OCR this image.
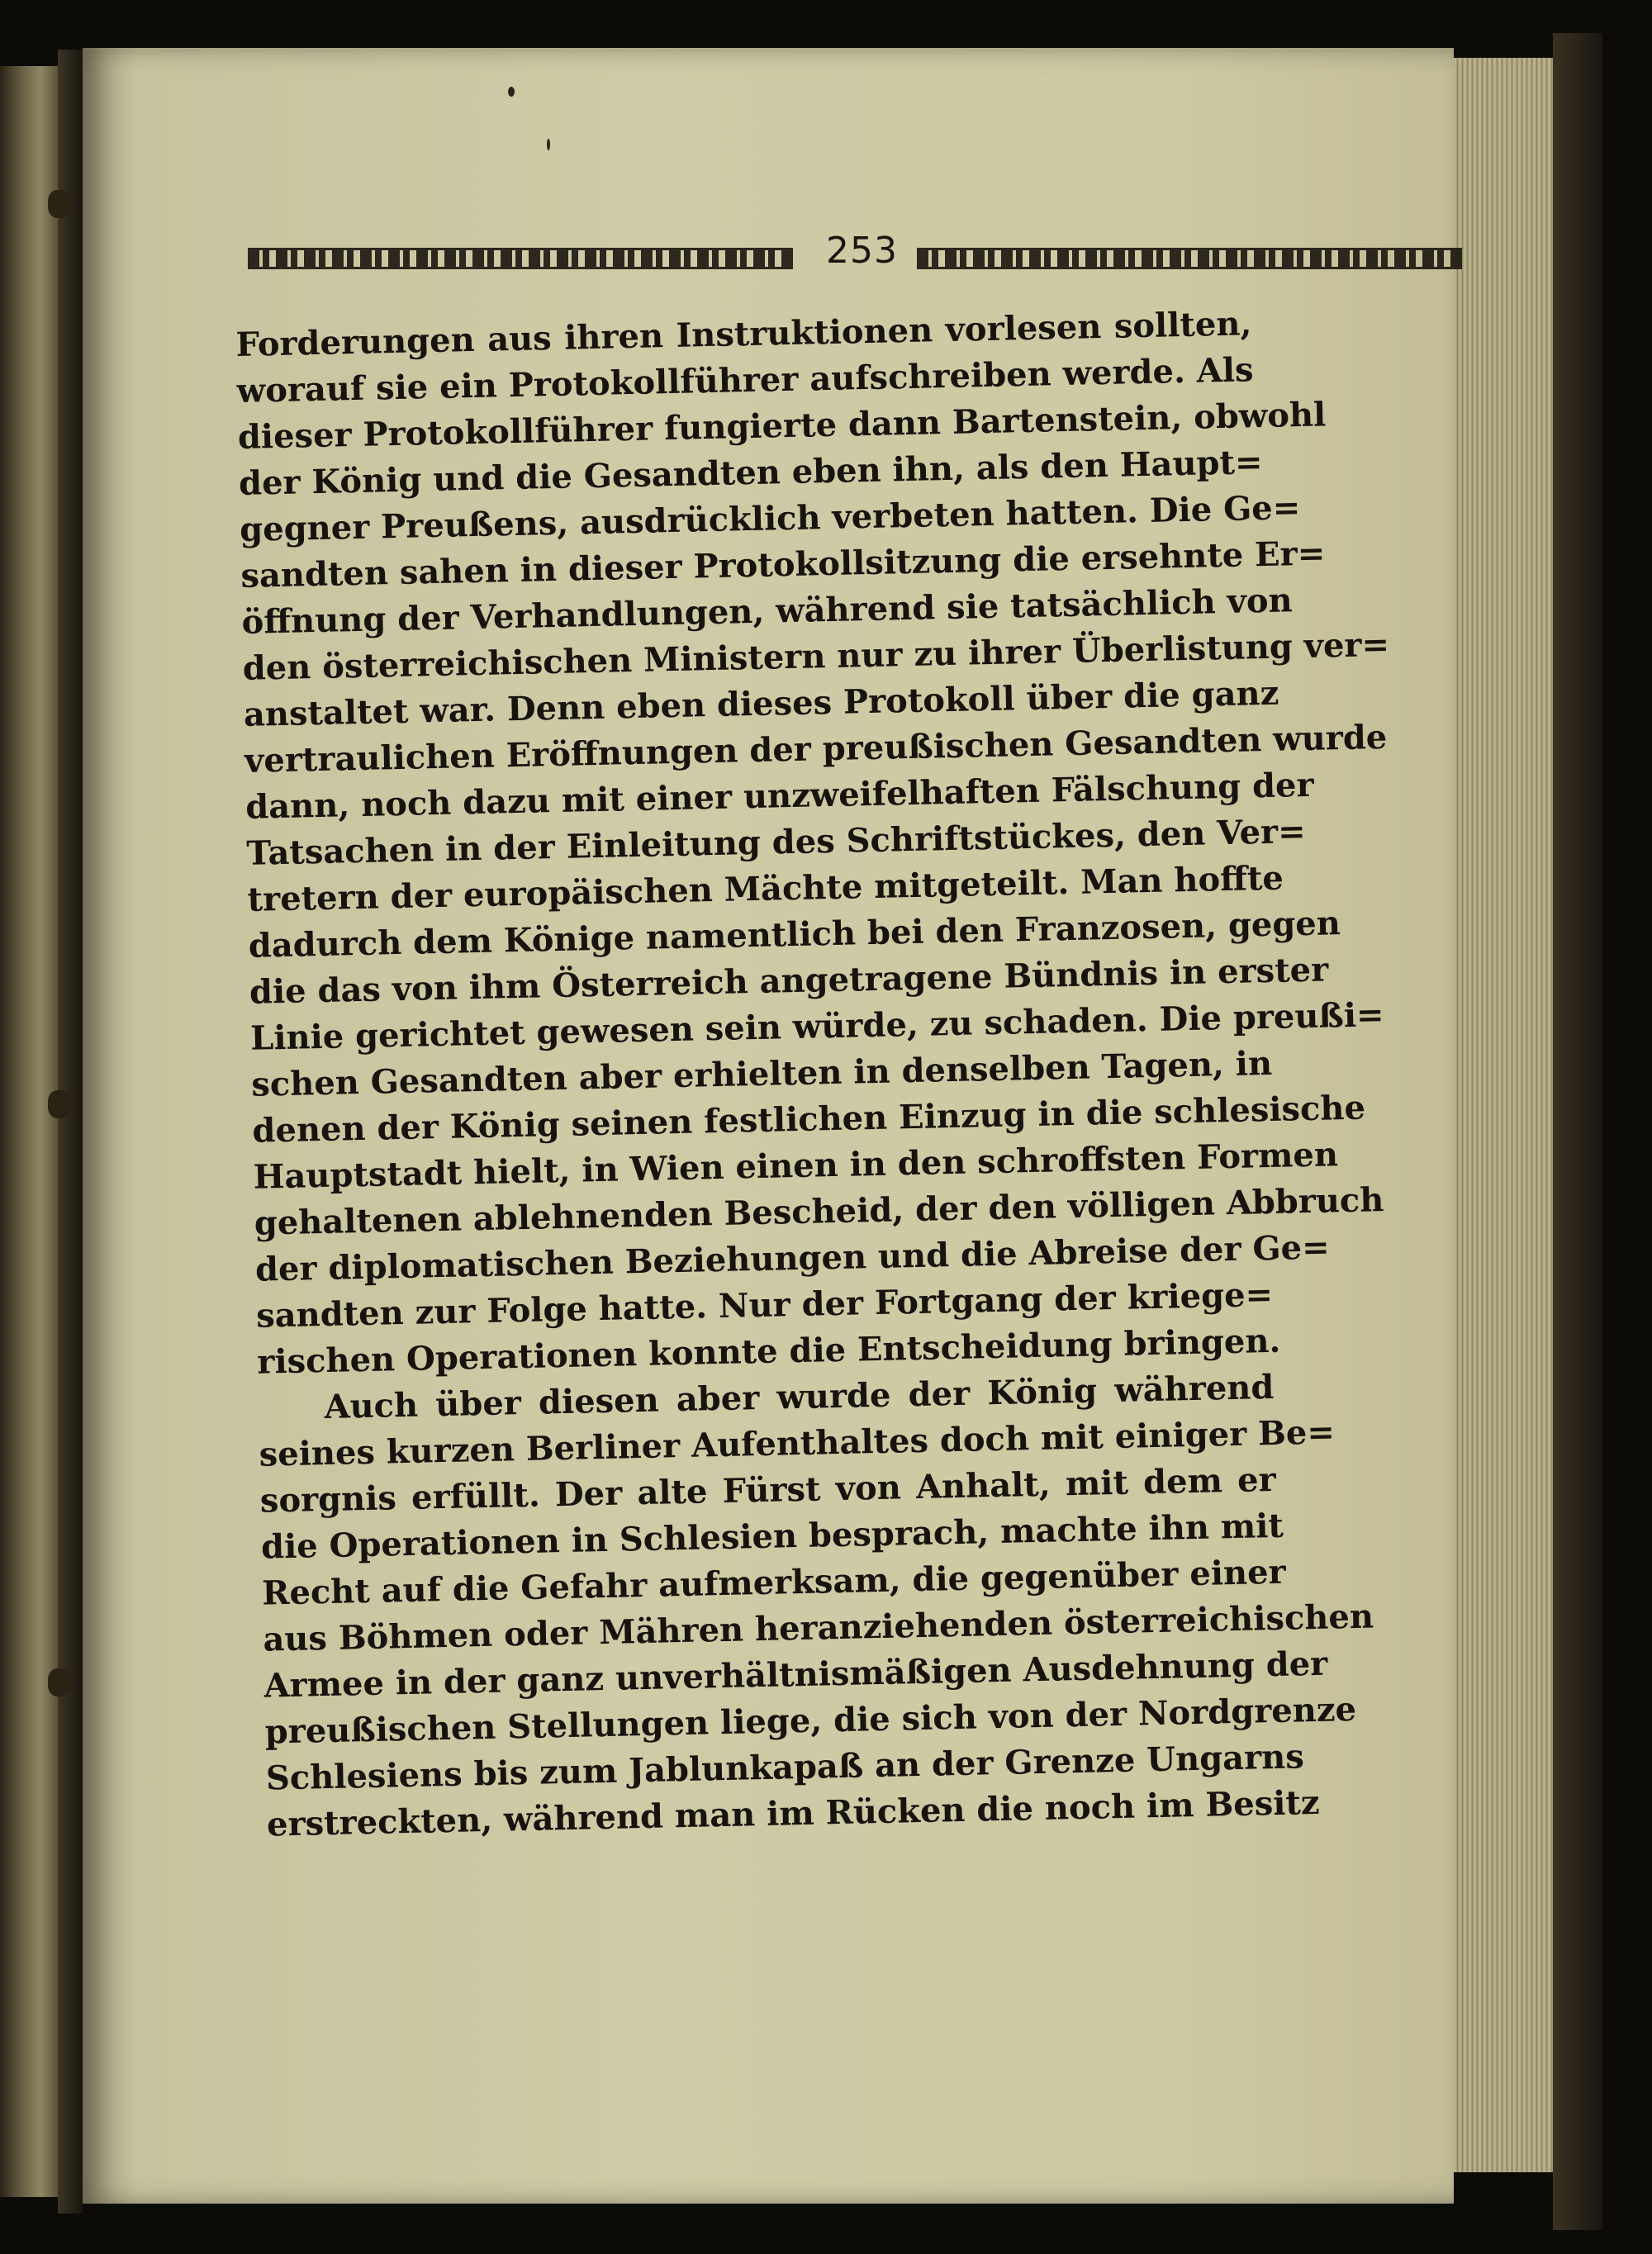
253
Forderungen aus ihren Instruktionen vorlesen sollten,
worauf sie ein Protokollführer aufschreiben werde. Als
dieser Protokollführer fungierte dann Bartenstein, obwohl
der König und die Gesandten eben ihn, als den Haupt=
gegner Preußens, ausdrücklich verbeten hatten. Die Ge=
sandten sahen in dieser Protokollsitzung die ersehnte Er=
öffnung der Verhandlungen, während sie tatsächlich von
den österreichischen Ministern nur zu ihrer Überlistung ver=
anstaltet war. Denn eben dieses Protokoll über die ganz
vertraulichen Eröffnungen der preußischen Gesandten wurde
dann, noch dazu mit einer unzweifelhaften Fälschung der
Tatsachen in der Einleitung des Schriftstückes, den Ver=
tretern der europäischen Mächte mitgeteilt. Man hoffte
dadurch dem Könige namentlich bei den Franzosen, gegen
die das von ihm Österreich angetragene Bündnis in erster
Linie gerichtet gewesen sein würde, zu schaden. Die preußi=
schen Gesandten aber erhielten in denselben Tagen, in
denen der König seinen festlichen Einzug in die schlesische
Hauptstadt hielt, in Wien einen in den schroffsten Formen
gehaltenen ablehnenden Bescheid, der den völligen Abbruch
der diplomatischen Beziehungen und die Abreise der Ge=
sandten zur Folge hatte. Nur der Fortgang der kriege=
rischen Operationen konnte die Entscheidung bringen.
Auch über diesen aber wurde der König während
seines kurzen Berliner Aufenthaltes doch mit einiger Be=
sorgnis erfüllt. Der alte Fürst von Anhalt, mit dem er
die Operationen in Schlesien besprach, machte ihn mit
Recht auf die Gefahr aufmerksam, die gegenüber einer
aus Böhmen oder Mähren heranziehenden österreichischen
Armee in der ganz unverhältnismäßigen Ausdehnung der
preußischen Stellungen liege, die sich von der Nordgrenze
Schlesiens bis zum Jablunkapaß an der Grenze Ungarns
erstreckten, während man im Rücken die noch im Besitz
